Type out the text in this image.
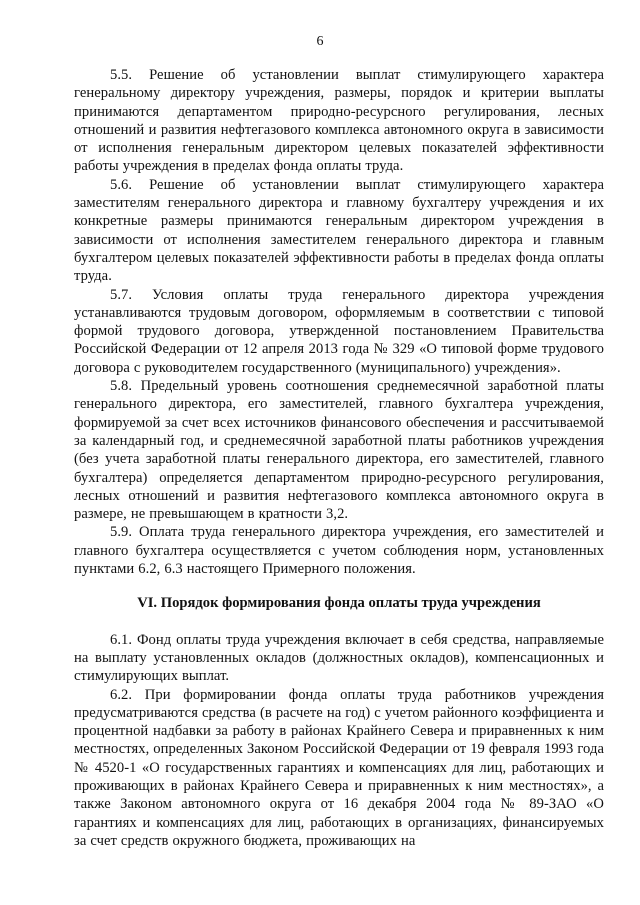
6

5.5. Решение об установлении выплат стимулирующего характера генеральному директору учреждения, размеры, порядок и критерии выплаты принимаются департаментом природно-ресурсного регулирования, лесных отношений и развития нефтегазового комплекса автономного округа в зависимости от исполнения генеральным директором целевых показателей эффективности работы учреждения в пределах фонда оплаты труда.

5.6. Решение об установлении выплат стимулирующего характера заместителям генерального директора и главному бухгалтеру учреждения и их конкретные размеры принимаются генеральным директором учреждения в зависимости от исполнения заместителем генерального директора и главным бухгалтером целевых показателей эффективности работы в пределах фонда оплаты труда.

5.7. Условия оплаты труда генерального директора учреждения устанавливаются трудовым договором, оформляемым в соответствии с типовой формой трудового договора, утвержденной постановлением Правительства Российской Федерации от 12 апреля 2013 года № 329 «О типовой форме трудового договора с руководителем государственного (муниципального) учреждения».

5.8. Предельный уровень соотношения среднемесячной заработной платы генерального директора, его заместителей, главного бухгалтера учреждения, формируемой за счет всех источников финансового обеспечения и рассчитываемой за календарный год, и среднемесячной заработной платы работников учреждения (без учета заработной платы генерального директора, его заместителей, главного бухгалтера) определяется департаментом природно-ресурсного регулирования, лесных отношений и развития нефтегазового комплекса автономного округа в размере, не превышающем в кратности 3,2.

5.9. Оплата труда генерального директора учреждения, его заместителей и главного бухгалтера осуществляется с учетом соблюдения норм, установленных пунктами 6.2, 6.3 настоящего Примерного положения.

VI. Порядок формирования фонда оплаты труда учреждения

6.1. Фонд оплаты труда учреждения включает в себя средства, направляемые на выплату установленных окладов (должностных окладов), компенсационных и стимулирующих выплат.

6.2. При формировании фонда оплаты труда работников учреждения предусматриваются средства (в расчете на год) с учетом районного коэффициента и процентной надбавки за работу в районах Крайнего Севера и приравненных к ним местностях, определенных Законом Российской Федерации от 19 февраля 1993 года № 4520-1 «О государственных гарантиях и компенсациях для лиц, работающих и проживающих в районах Крайнего Севера и приравненных к ним местностях», а также Законом автономного округа от 16 декабря 2004 года № 89-ЗАО «О гарантиях и компенсациях для лиц, работающих в организациях, финансируемых за счет средств окружного бюджета, проживающих на
